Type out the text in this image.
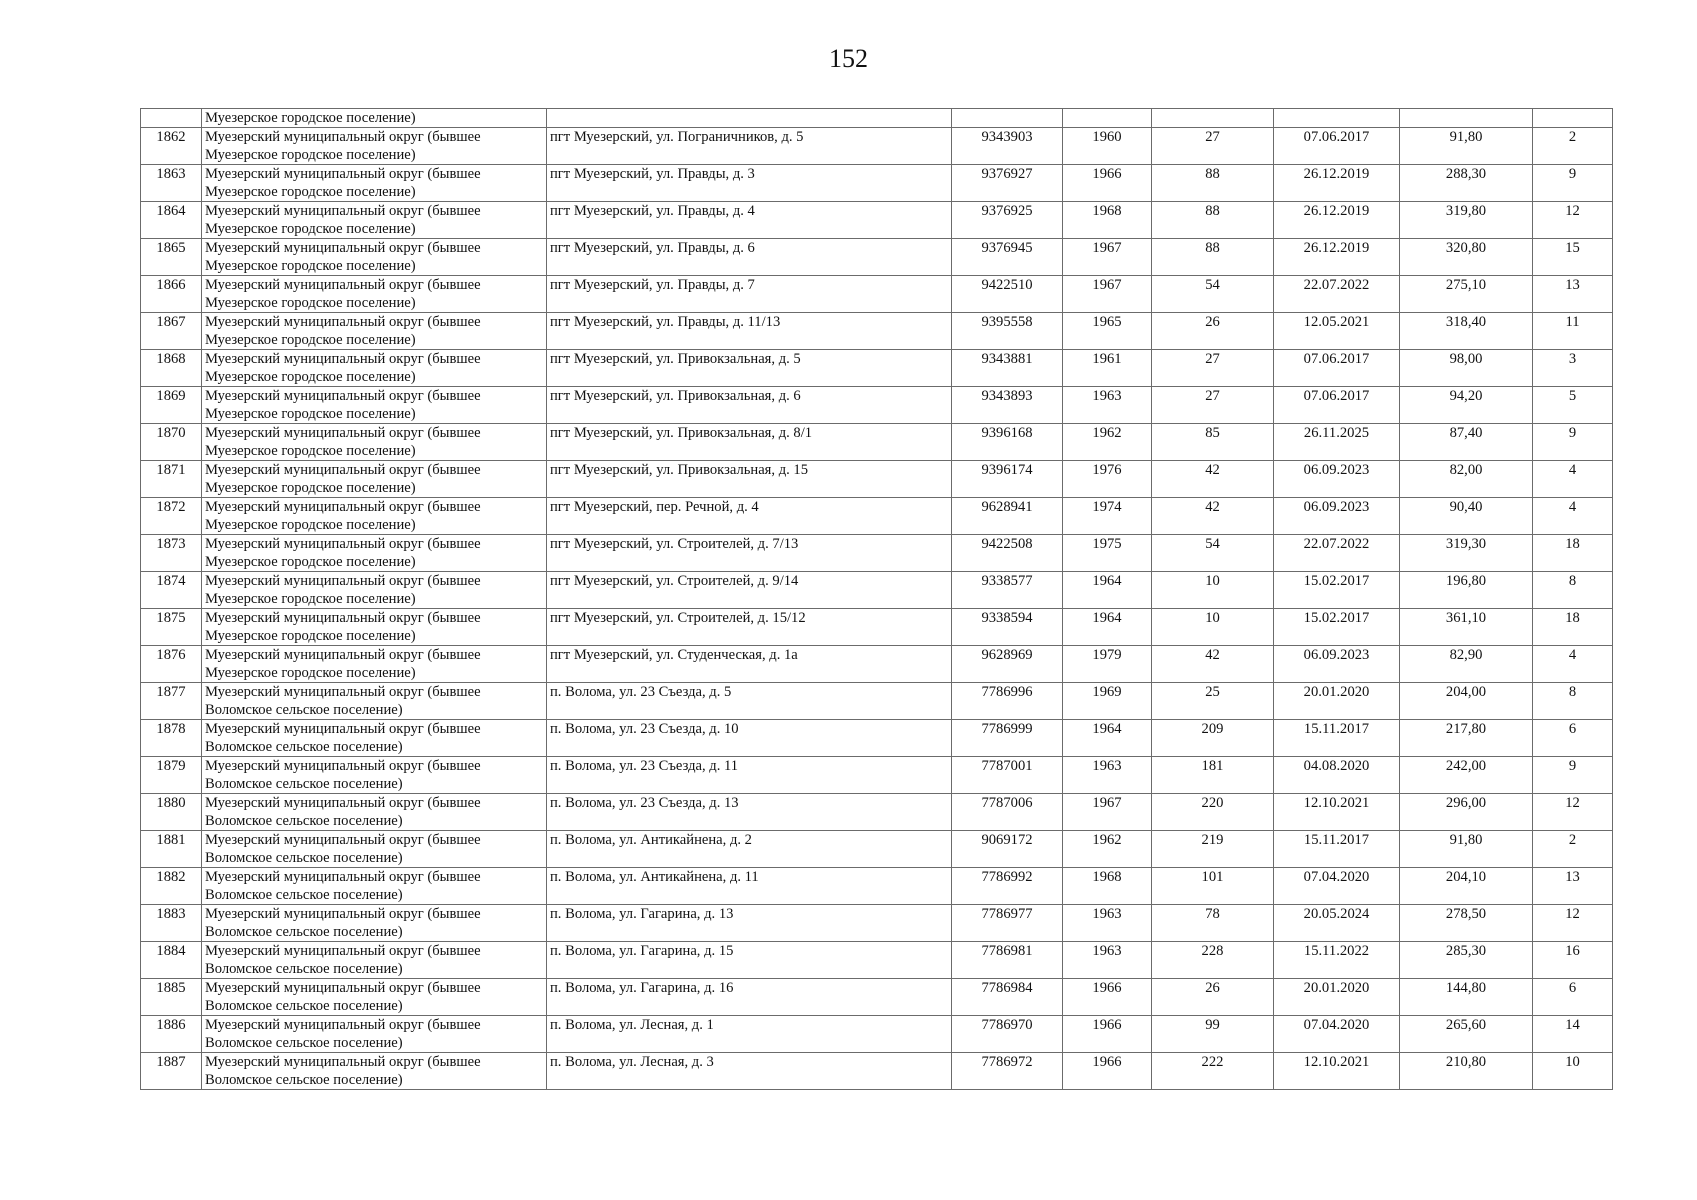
152

	Муезерское городское поселение)							

1862	Муезерский муниципальный округ (бывшее
Муезерское городское поселение)	пгт Муезерский, ул. Пограничников, д. 5	9343903	1960	27	07.06.2017	91,80	2
1863	Муезерский муниципальный округ (бывшее
Муезерское городское поселение)	пгт Муезерский, ул. Правды, д. 3	9376927	1966	88	26.12.2019	288,30	9
1864	Муезерский муниципальный округ (бывшее
Муезерское городское поселение)	пгт Муезерский, ул. Правды, д. 4	9376925	1968	88	26.12.2019	319,80	12
1865	Муезерский муниципальный округ (бывшее
Муезерское городское поселение)	пгт Муезерский, ул. Правды, д. 6	9376945	1967	88	26.12.2019	320,80	15
1866	Муезерский муниципальный округ (бывшее
Муезерское городское поселение)	пгт Муезерский, ул. Правды, д. 7	9422510	1967	54	22.07.2022	275,10	13
1867	Муезерский муниципальный округ (бывшее
Муезерское городское поселение)	пгт Муезерский, ул. Правды, д. 11/13	9395558	1965	26	12.05.2021	318,40	11
1868	Муезерский муниципальный округ (бывшее
Муезерское городское поселение)	пгт Муезерский, ул. Привокзальная, д. 5	9343881	1961	27	07.06.2017	98,00	3
1869	Муезерский муниципальный округ (бывшее
Муезерское городское поселение)	пгт Муезерский, ул. Привокзальная, д. 6	9343893	1963	27	07.06.2017	94,20	5
1870	Муезерский муниципальный округ (бывшее
Муезерское городское поселение)	пгт Муезерский, ул. Привокзальная, д. 8/1	9396168	1962	85	26.11.2025	87,40	9
1871	Муезерский муниципальный округ (бывшее
Муезерское городское поселение)	пгт Муезерский, ул. Привокзальная, д. 15	9396174	1976	42	06.09.2023	82,00	4
1872	Муезерский муниципальный округ (бывшее
Муезерское городское поселение)	пгт Муезерский, пер. Речной, д. 4	9628941	1974	42	06.09.2023	90,40	4
1873	Муезерский муниципальный округ (бывшее
Муезерское городское поселение)	пгт Муезерский, ул. Строителей, д. 7/13	9422508	1975	54	22.07.2022	319,30	18
1874	Муезерский муниципальный округ (бывшее
Муезерское городское поселение)	пгт Муезерский, ул. Строителей, д. 9/14	9338577	1964	10	15.02.2017	196,80	8
1875	Муезерский муниципальный округ (бывшее
Муезерское городское поселение)	пгт Муезерский, ул. Строителей, д. 15/12	9338594	1964	10	15.02.2017	361,10	18
1876	Муезерский муниципальный округ (бывшее
Муезерское городское поселение)	пгт Муезерский, ул. Студенческая, д. 1а	9628969	1979	42	06.09.2023	82,90	4
1877	Муезерский муниципальный округ (бывшее
Воломское сельское поселение)	п. Волома, ул. 23 Съезда, д. 5	7786996	1969	25	20.01.2020	204,00	8
1878	Муезерский муниципальный округ (бывшее
Воломское сельское поселение)	п. Волома, ул. 23 Съезда, д. 10	7786999	1964	209	15.11.2017	217,80	6
1879	Муезерский муниципальный округ (бывшее
Воломское сельское поселение)	п. Волома, ул. 23 Съезда, д. 11	7787001	1963	181	04.08.2020	242,00	9
1880	Муезерский муниципальный округ (бывшее
Воломское сельское поселение)	п. Волома, ул. 23 Съезда, д. 13	7787006	1967	220	12.10.2021	296,00	12
1881	Муезерский муниципальный округ (бывшее
Воломское сельское поселение)	п. Волома, ул. Антикайнена, д. 2	9069172	1962	219	15.11.2017	91,80	2
1882	Муезерский муниципальный округ (бывшее
Воломское сельское поселение)	п. Волома, ул. Антикайнена, д. 11	7786992	1968	101	07.04.2020	204,10	13
1883	Муезерский муниципальный округ (бывшее
Воломское сельское поселение)	п. Волома, ул. Гагарина, д. 13	7786977	1963	78	20.05.2024	278,50	12
1884	Муезерский муниципальный округ (бывшее
Воломское сельское поселение)	п. Волома, ул. Гагарина, д. 15	7786981	1963	228	15.11.2022	285,30	16
1885	Муезерский муниципальный округ (бывшее
Воломское сельское поселение)	п. Волома, ул. Гагарина, д. 16	7786984	1966	26	20.01.2020	144,80	6
1886	Муезерский муниципальный округ (бывшее
Воломское сельское поселение)	п. Волома, ул. Лесная, д. 1	7786970	1966	99	07.04.2020	265,60	14
1887	Муезерский муниципальный округ (бывшее
Воломское сельское поселение)	п. Волома, ул. Лесная, д. 3	7786972	1966	222	12.10.2021	210,80	10
